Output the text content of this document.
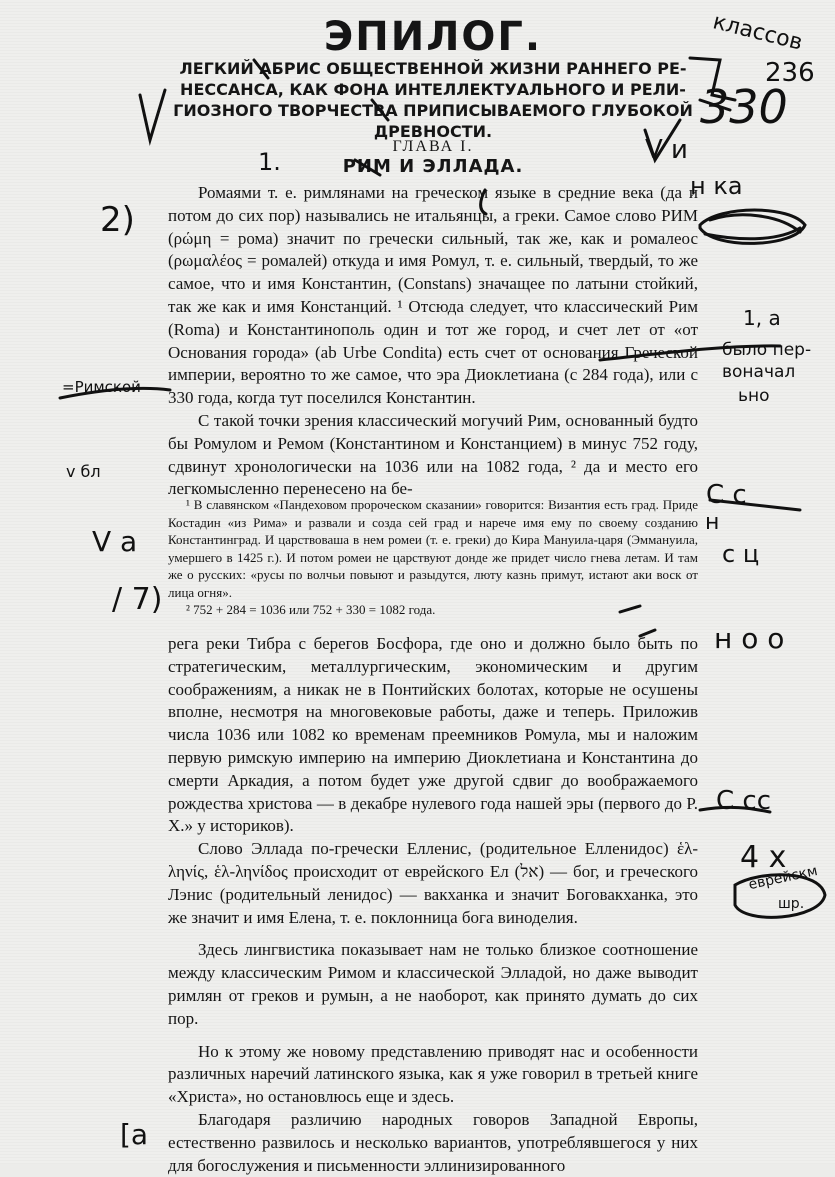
ЭПИЛОГ.
ЛЕГКИЙ АБРИС ОБЩЕСТВЕННОЙ ЖИЗНИ РАННЕГО РЕ-
НЕССАНСА, КАК ФОНА ИНТЕЛЛЕКТУАЛЬНОГО И РЕЛИ-
ГИОЗНОГО ТВОРЧЕСТВА ПРИПИСЫВАЕМОГО ГЛУБОКОЙ
ДРЕВНОСТИ.
ГЛАВА I.
РИМ И ЭЛЛАДА.

Ромаями т. е. римлянами на греческом языке в средние века (да и потом до сих пор) назывались не итальянцы, а греки. Самое слово РИМ (ρώμη = рома) значит по гречески сильный, так же, как и ромалеос (ρωμαλέος = ромалей) откуда и имя Ромул, т. е. сильный, твердый, то же самое, что и имя Константин, (Constans) значащее по латыни стойкий, так же как и имя Констанций. ¹ Отсюда следует, что классический Рим (Roma) и Константинополь один и тот же город, и счет лет от «от Основания города» (ab Urbe Condita) есть счет от основания Греческой империи, вероятно то же самое, что эра Диоклетиана (с 284 года), или с 330 года, когда тут поселился Константин.

С такой точки зрения классический могучий Рим, основанный будто бы Ромулом и Ремом (Константином и Констанцием) в минус 752 году, сдвинут хронологически на 1036 или на 1082 года, ² да и место его легкомысленно перенесено на бе-

¹ В славянском «Пандеховом пророческом сказании» говорится: Византия есть град. Приде Костадин «из Рима» и развали и созда сей град и нарече имя ему по своему созданию Константинград. И царствоваша в нем ромеи (т. е. греки) до Кира Мануила-царя (Эммануила, умершего в 1425 г.). И потом ромеи не царствуют донде же придет число гнева летам. И там же о русских: «русы по волчьи повыют и разыдутся, люту казнь примут, истают аки воск от лица огня».

² 752 + 284 = 1036 или 752 + 330 = 1082 года.

рега реки Тибра с берегов Босфора, где оно и должно было быть по стратегическим, металлургическим, экономическим и другим соображениям, а никак не в Понтийских болотах, которые не осушены вполне, несмотря на многовековые работы, даже и теперь. Приложив числа 1036 или 1082 ко временам преемников Ромула, мы и наложим первую римскую империю на империю Диоклетиана и Константина до смерти Аркадия, а потом будет уже другой сдвиг до воображаемого рождества христова — в декабре нулевого года нашей эры (первого до Р. Х.» у историков).

Слово Эллада по-гречески Еллeнис, (родительное Елленидос) ἑλ-ληνίς, ἑλ-ληνίδος происходит от еврейского Ел (אל) — бог, и греческого Лэнис (родительный ленидос) — вакханка и значит Боговакханка, это же значит и имя Елена, т. е. поклонница бога виноделия.

Здесь лингвистика показывает нам не только близкое соотношение между классическим Римом и классической Элладой, но даже выводит римлян от греков и румын, а не наоборот, как принято думать до сих пор.

Но к этому же новому представлению приводят нас и особенности различных наречий латинского языка, как я уже говорил в третьей книге «Христа», но остановлюсь еще и здесь.

Благодаря различию народных говоров Западной Европы, естественно развилось и несколько вариантов, употреблявшегося у них для богослужения и письменности эллинизированного

классов
236
330
V и
н ка
1, a
было пер-
воначал
ьно
=Римской
v бл
V a
/ 7)
С с
с ц
н
н о о
С сс
4 х
еврейскм
шр.
1.
2)
[а
